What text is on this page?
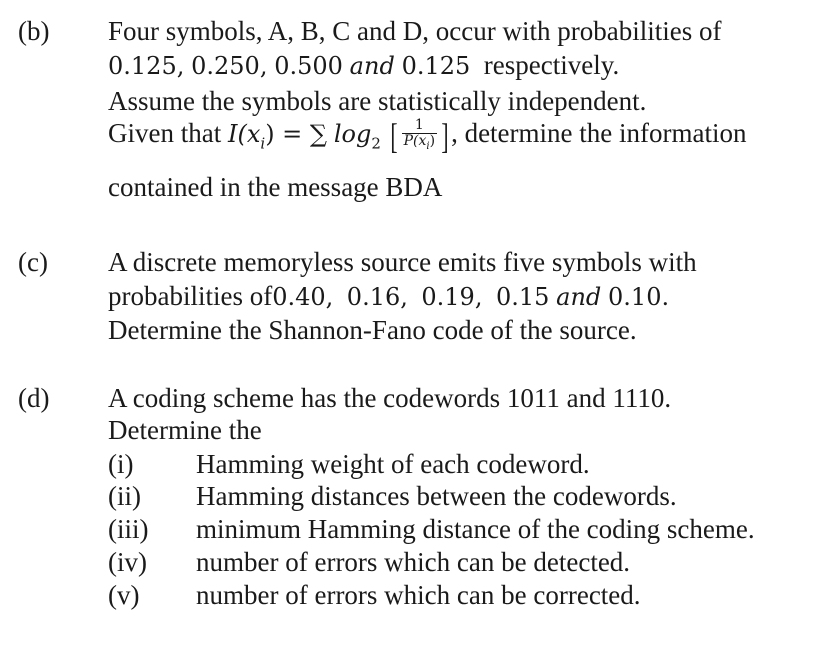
(b) Four symbols, A, B, C and D, occur with probabilities of
0.125, 0.250, 0.500 and 0.125 respectively.
Assume the symbols are statistically independent.
Given that $I(x_i)$ = ∑ $\log_2$ [ $\frac{1}{P(x_i)}$ ], determine the information
contained in the message BDA
(c) A discrete memoryless source emits five symbols with
probabilities of0.40, 0.16, 0.19, 0.15 and 0.10.
Determine the Shannon-Fano code of the source.
(d) A coding scheme has the codewords 1011 and 1110.
Determine the
(i) Hamming weight of each codeword.
(ii) Hamming distances between the codewords.
(iii) minimum Hamming distance of the coding scheme.
(iv) number of errors which can be detected.
(v) number of errors which can be corrected.
